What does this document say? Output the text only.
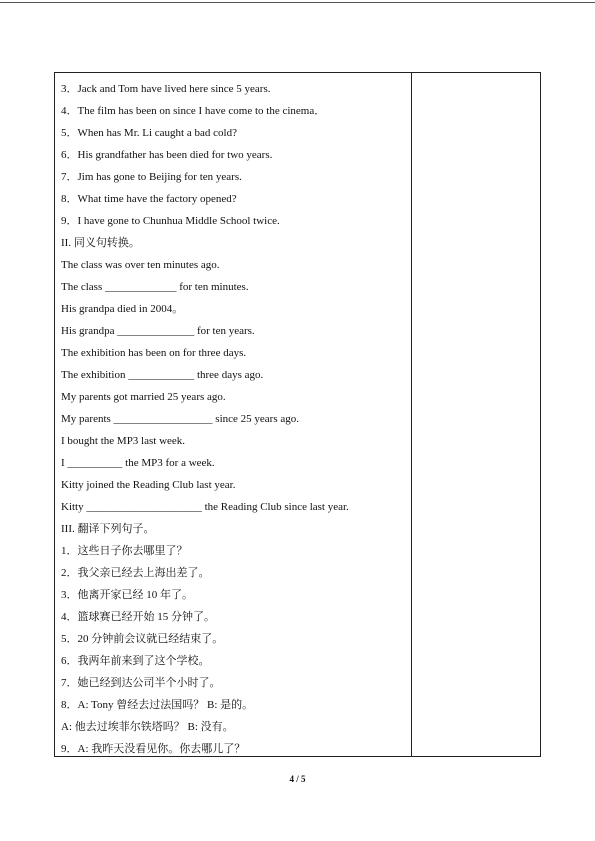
3．Jack and Tom have lived here since 5 years.
4．The film has been on since I have come to the cinema．
5．When has Mr. Li caught a bad cold?
6．His grandfather has been died for two years.
7．Jim has gone to Beijing for ten years.
8．What time have the factory opened?
9．I have gone to Chunhua Middle School twice.
II. 同义句转换。
The class was over ten minutes ago.
The class _____________ for ten minutes.
His grandpa died in 2004。
His grandpa ______________ for ten years.
The exhibition has been on for three days.
The exhibition ____________ three days ago.
My parents got married 25 years ago.
My parents __________________ since 25 years ago.
I bought the MP3 last week.
I __________ the MP3 for a week.
Kitty joined the Reading Club last year.
Kitty _____________________ the Reading Club since last year.
III. 翻译下列句子。
1．这些日子你去哪里了？
2．我父亲已经去上海出差了。
3．他离开家已经 10 年了。
4．篮球赛已经开始 15 分钟了。
5．20 分钟前会议就已经结束了。
6．我两年前来到了这个学校。
7．她已经到达公司半个小时了。
8．A: Tony 曾经去过法国吗？ B: 是的。
A: 他去过埃菲尔铁塔吗？ B: 没有。
9．A: 我昨天没看见你。你去哪儿了？
4 / 5
